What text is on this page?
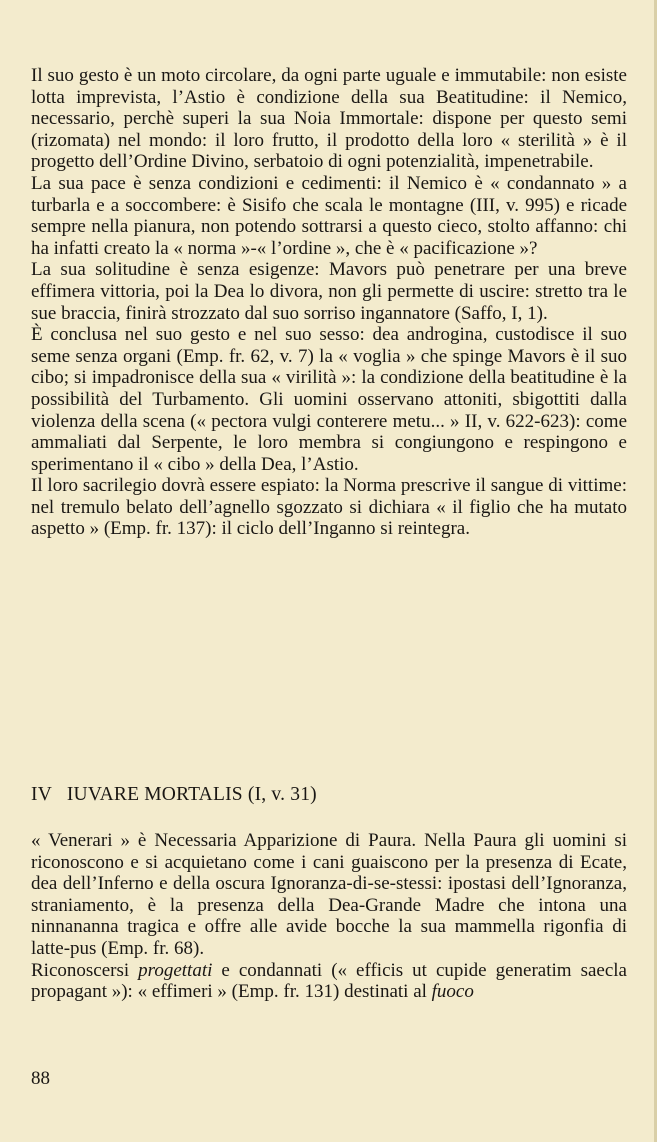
Il suo gesto è un moto circolare, da ogni parte uguale e immutabile: non esiste lotta imprevista, l’Astio è condizione della sua Beatitudine: il Nemico, necessario, perchè superi la sua Noia Immortale: dispone per questo semi (rizomata) nel mondo: il loro frutto, il prodotto della loro « sterilità » è il progetto dell’Ordine Divino, serbatoio di ogni potenzialità, impenetrabile.

La sua pace è senza condizioni e cedimenti: il Nemico è « condannato » a turbarla e a soccombere: è Sisifo che scala le montagne (III, v. 995) e ricade sempre nella pianura, non potendo sottrarsi a questo cieco, stolto affanno: chi ha infatti creato la « norma »-« l’ordine », che è « pacificazione »?

La sua solitudine è senza esigenze: Mavors può penetrare per una breve effimera vittoria, poi la Dea lo divora, non gli permette di uscire: stretto tra le sue braccia, finirà strozzato dal suo sorriso ingannatore (Saffo, I, 1).

È conclusa nel suo gesto e nel suo sesso: dea androgina, custodisce il suo seme senza organi (Emp. fr. 62, v. 7) la « voglia » che spinge Mavors è il suo cibo; si impadronisce della sua « virilità »: la condizione della beatitudine è la possibilità del Turbamento. Gli uomini osservano attoniti, sbigottiti dalla violenza della scena (« pectora vulgi conterere metu... » II, v. 622-623): come ammaliati dal Serpente, le loro membra si congiungono e respingono e sperimentano il « cibo » della Dea, l’Astio.

Il loro sacrilegio dovrà essere espiato: la Norma prescrive il sangue di vittime: nel tremulo belato dell’agnello sgozzato si dichiara « il figlio che ha mutato aspetto » (Emp. fr. 137): il ciclo dell’Inganno si reintegra.

IV   IUVARE MORTALIS (I, v. 31)

« Venerari » è Necessaria Apparizione di Paura. Nella Paura gli uomini si riconoscono e si acquietano come i cani guaiscono per la presenza di Ecate, dea dell’Inferno e della oscura Ignoranza-di-se-stessi: ipostasi dell’Ignoranza, straniamento, è la presenza della Dea-Grande Madre che intona una ninnananna tragica e offre alle avide bocche la sua mammella rigonfia di latte-pus (Emp. fr. 68).

Riconoscersi progettati e condannati (« efficis ut cupide generatim saecla propagant »): « effimeri » (Emp. fr. 131) destinati al fuoco

88
